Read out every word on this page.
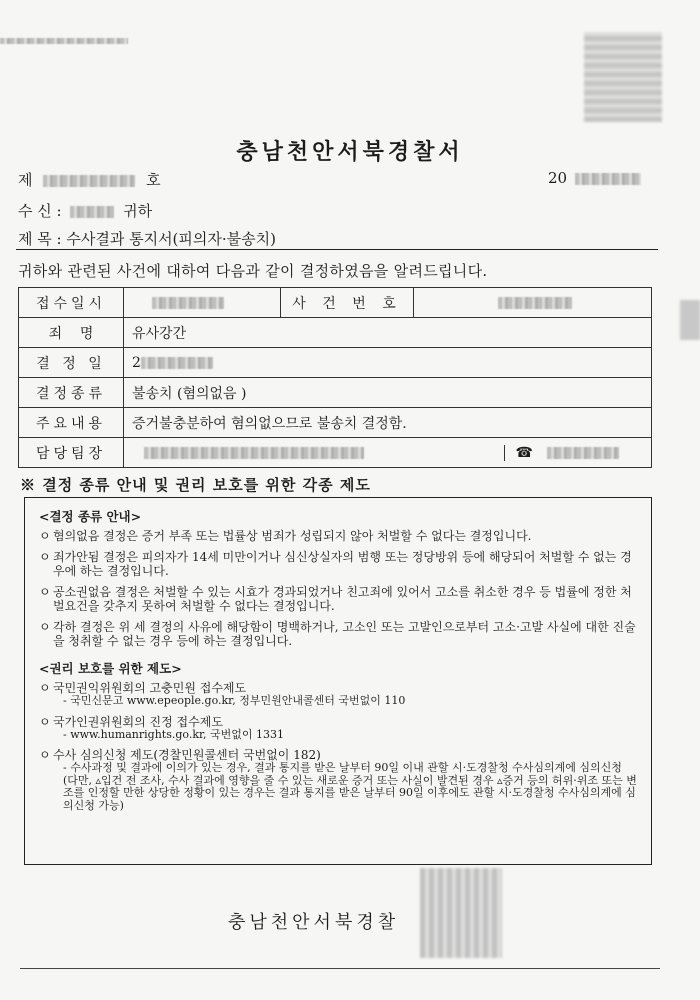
충남천안서북경찰서
제	호	20
수 신 :	귀하
제 목 : 수사결과 통지서(피의자·불송치)
귀하와 관련된 사건에 대하여 다음과 같이 결정하였음을 알려드립니다.
접수일시		사 건 번 호	
죄    명	유사강간		
결 정 일	2		
결정종류	불송치 (혐의없음 )		
주요내용	증거불충분하여 혐의없으므로 불송치 결정함.		
담당팀장	☎		
※ 결정 종류 안내 및 권리 보호를 위한 각종 제도
<결정 종류 안내>
ㅇ 혐의없음 결정은 증거 부족 또는 법률상 범죄가 성립되지 않아 처벌할 수 없다는 결정입니다.
ㅇ 죄가안됨 결정은 피의자가 14세 미만이거나 심신상실자의 범행 또는 정당방위 등에 해당되어 처벌할 수 없는 경우에 하는 결정입니다.
ㅇ 공소권없음 결정은 처벌할 수 있는 시효가 경과되었거나 친고죄에 있어서 고소를 취소한 경우 등 법률에 정한 처벌요건을 갖추지 못하여 처벌할 수 없다는 결정입니다.
ㅇ 각하 결정은 위 세 결정의 사유에 해당함이 명백하거나, 고소인 또는 고발인으로부터 고소·고발 사실에 대한 진술을 청취할 수 없는 경우 등에 하는 결정입니다.
<권리 보호를 위한 제도>
ㅇ 국민권익위원회의 고충민원 접수제도
- 국민신문고 www.epeople.go.kr, 정부민원안내콜센터 국번없이 110
ㅇ 국가인권위원회의 진정 접수제도
- www.humanrights.go.kr, 국번없이 1331
ㅇ 수사 심의신청 제도(경찰민원콜센터 국번없이 182)
- 수사과정 및 결과에 이의가 있는 경우, 결과 통지를 받은 날부터 90일 이내 관할 시·도경찰청 수사심의계에 심의신청 (다만, ▵입건 전 조사, 수사 결과에 영향을 줄 수 있는 새로운 증거 또는 사실이 발견된 경우 ▵증거 등의 허위·위조 또는 변조를 인정할 만한 상당한 정황이 있는 경우는 결과 통지를 받은 날부터 90일 이후에도 관할 시·도경찰청 수사심의계에 심의신청 가능)
충남천안서북경찰
